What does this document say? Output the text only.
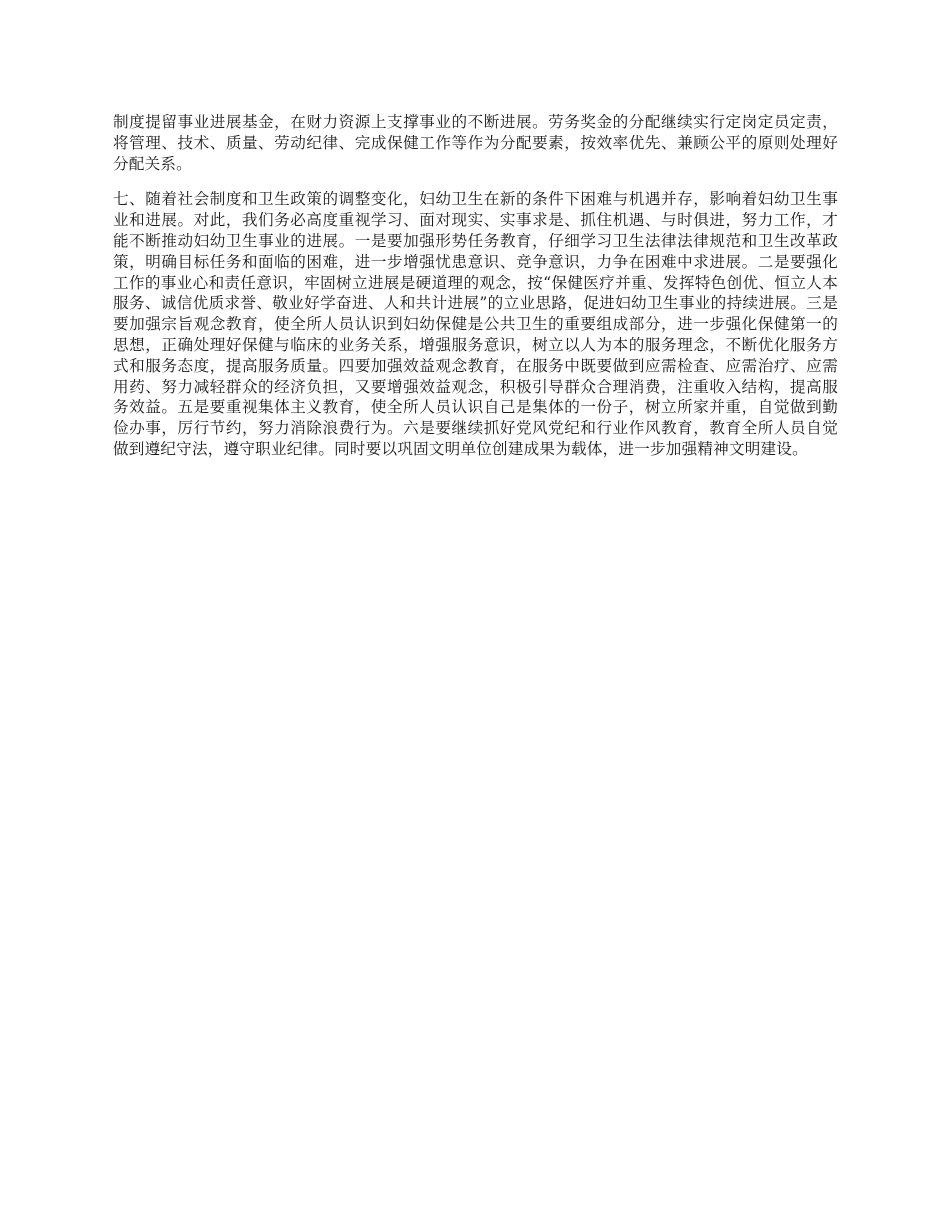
制度提留事业进展基金，在财力资源上支撑事业的不断进展。劳务奖金的分配继续实行定岗定员定责，将管理、技术、质量、劳动纪律、完成保健工作等作为分配要素，按效率优先、兼顾公平的原则处理好分配关系。

七、随着社会制度和卫生政策的调整变化，妇幼卫生在新的条件下困难与机遇并存，影响着妇幼卫生事业和进展。对此，我们务必高度重视学习、面对现实、实事求是、抓住机遇、与时俱进，努力工作，才能不断推动妇幼卫生事业的进展。一是要加强形势任务教育，仔细学习卫生法律法律规范和卫生改革政策，明确目标任务和面临的困难，进一步增强忧患意识、竞争意识，力争在困难中求进展。二是要强化工作的事业心和责任意识，牢固树立进展是硬道理的观念，按“保健医疗并重、发挥特色创优、恒立人本服务、诚信优质求誉、敬业好学奋进、人和共计进展”的立业思路，促进妇幼卫生事业的持续进展。三是要加强宗旨观念教育，使全所人员认识到妇幼保健是公共卫生的重要组成部分，进一步强化保健第一的思想，正确处理好保健与临床的业务关系，增强服务意识，树立以人为本的服务理念，不断优化服务方式和服务态度，提高服务质量。四要加强效益观念教育，在服务中既要做到应需检查、应需治疗、应需用药、努力减轻群众的经济负担，又要增强效益观念，积极引导群众合理消费，注重收入结构，提高服务效益。五是要重视集体主义教育，使全所人员认识自己是集体的一份子，树立所家并重，自觉做到勤俭办事，厉行节约，努力消除浪费行为。六是要继续抓好党风党纪和行业作风教育，教育全所人员自觉做到遵纪守法，遵守职业纪律。同时要以巩固文明单位创建成果为载体，进一步加强精神文明建设。
